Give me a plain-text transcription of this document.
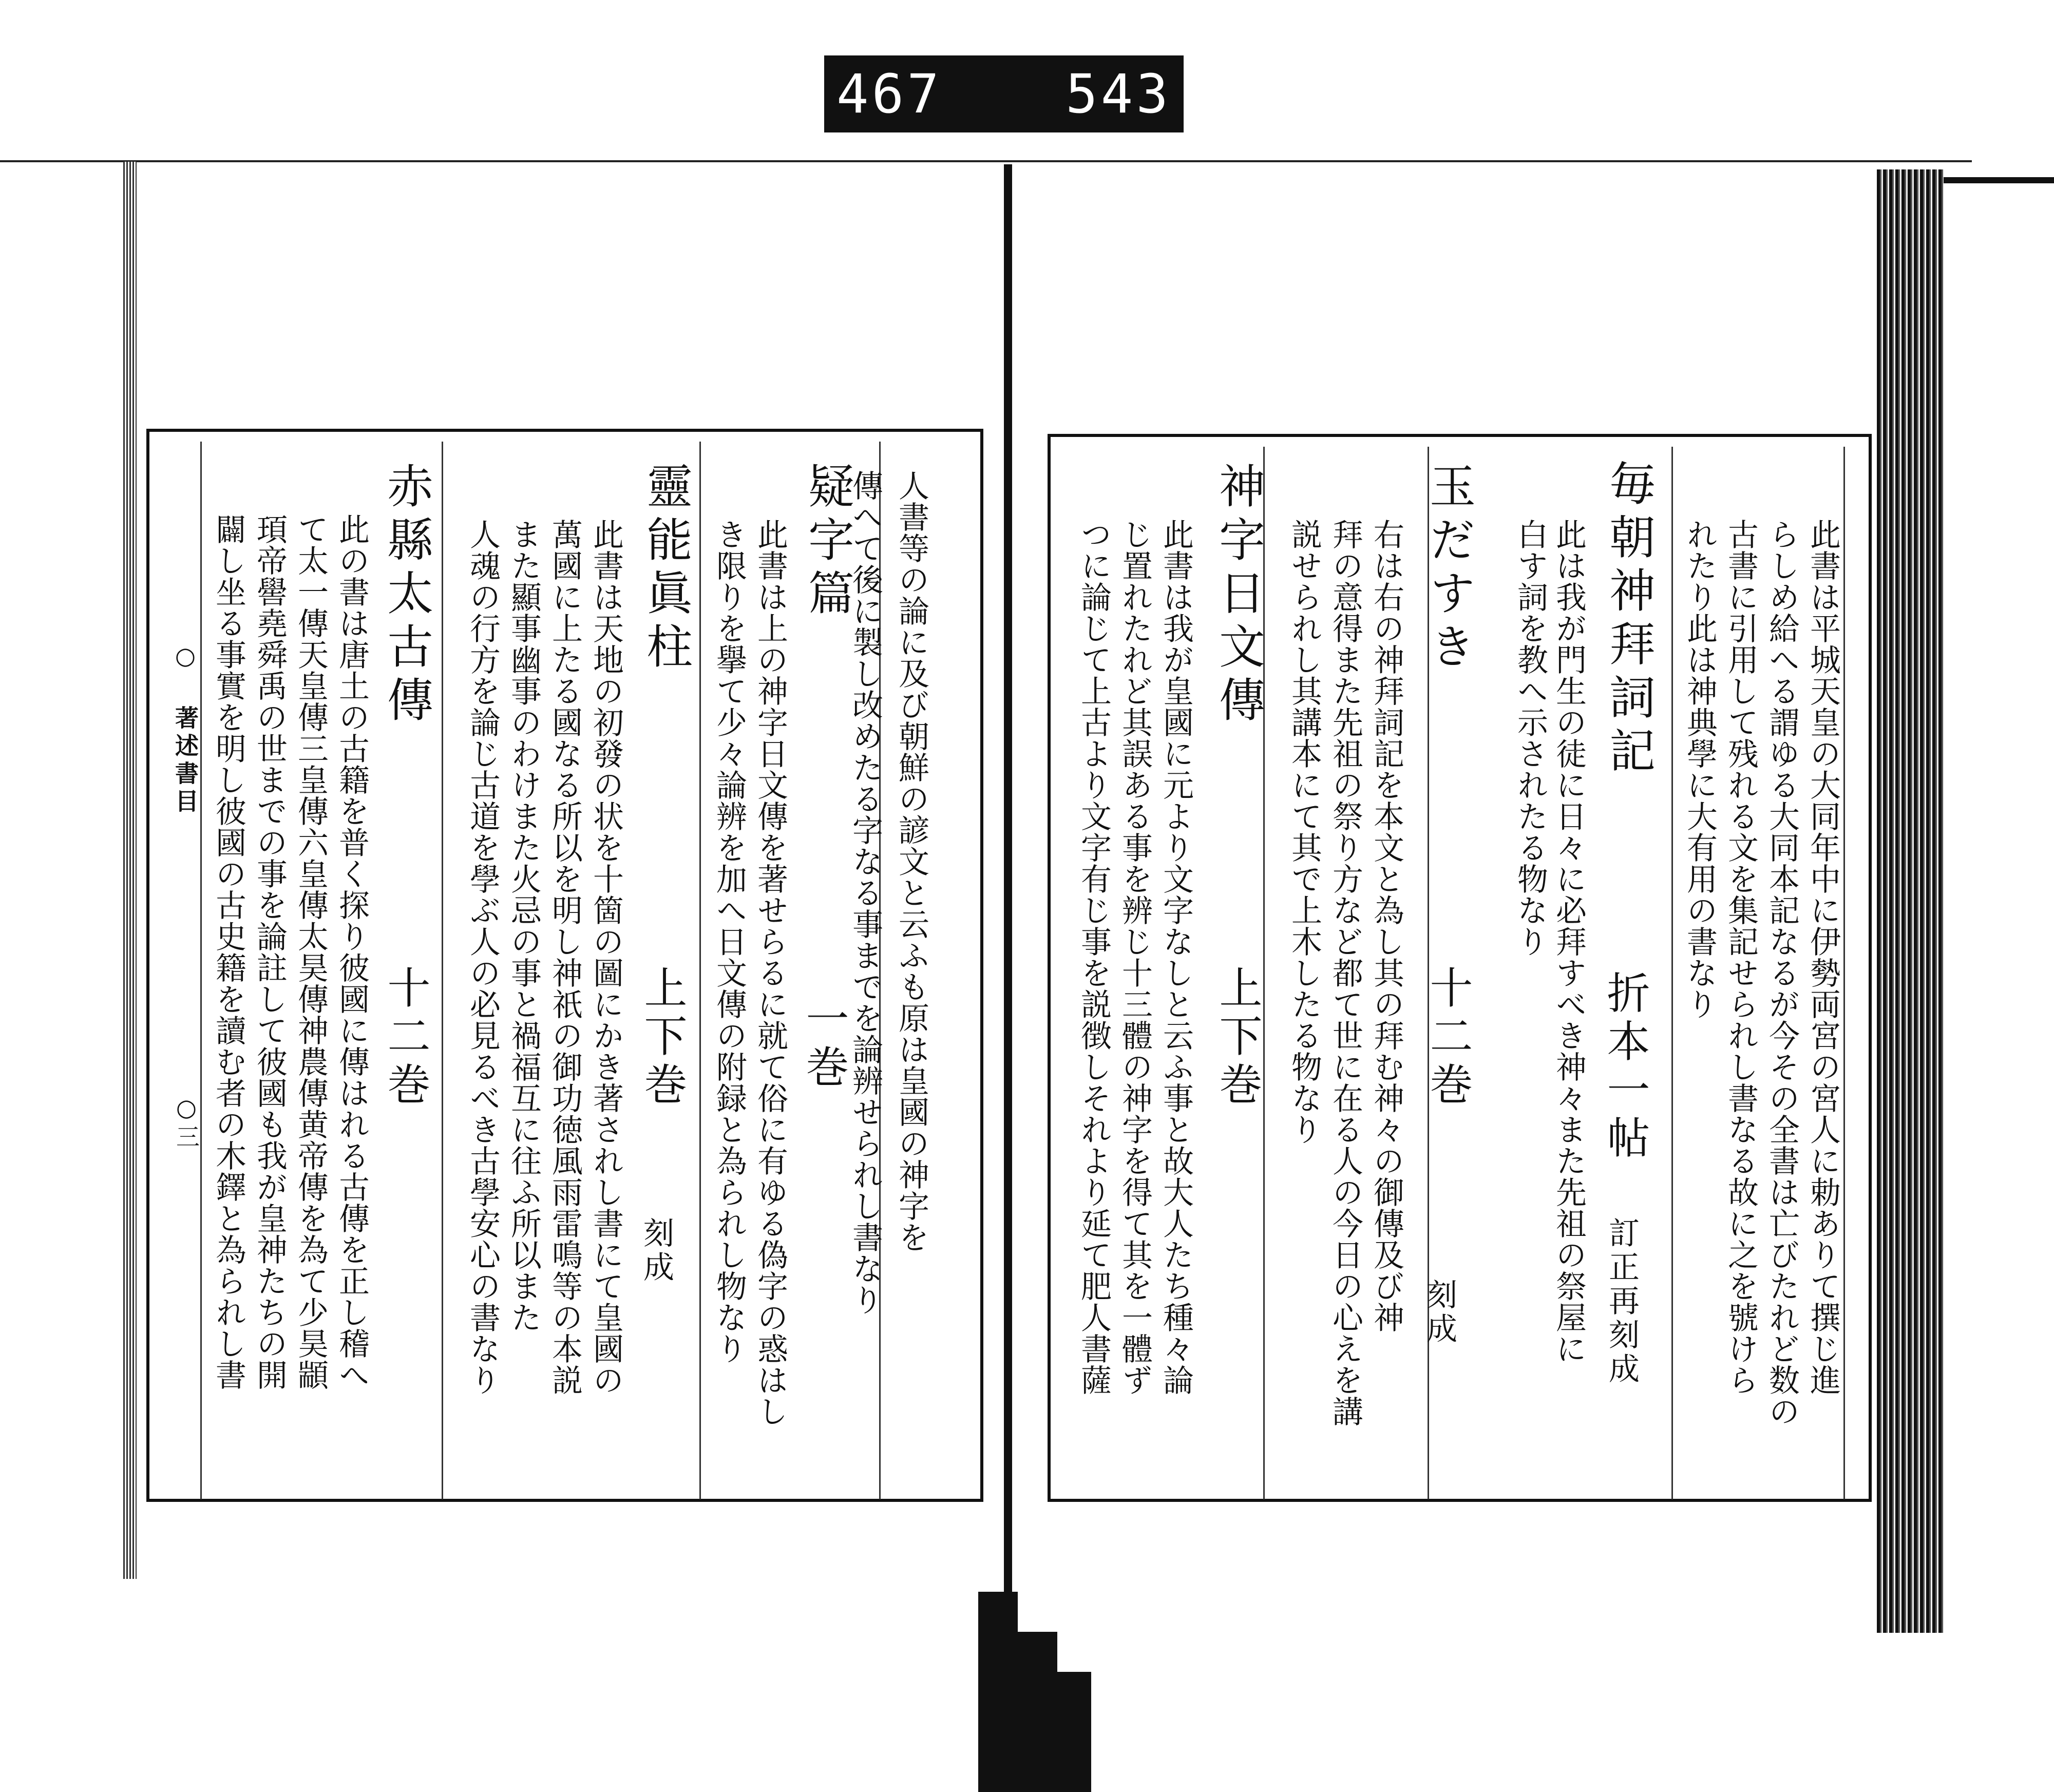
467 543
○ 著述書目
○三	人書等の論に及び朝鮮の諺文と云ふも原は皇國の神字を
傳へて後に製し改めたる字なる事までを論辨せられし書なり
疑字篇
一巻
此書は上の神字日文傳を著せらるに就て俗に有ゆる偽字の惑はし
き限りを擧て少々論辨を加へ日文傳の附録と為られし物なり
靈能眞柱
上下巻
刻成
此書は天地の初發の状を十箇の圖にかき著されし書にて皇國の
萬國に上たる國なる所以を明し神祇の御功徳風雨雷鳴等の本説
また顯事幽事のわけまた火忌の事と禍福互に往ふ所以また
人魂の行方を論じ古道を學ぶ人の必見るべき古學安心の書なり
赤縣太古傳
十二巻
此の書は唐土の古籍を普く探り彼國に傳はれる古傳を正し稽へ
て太一傳天皇傳三皇傳六皇傳太昊傳神農傳黄帝傳を為て少昊顓
頊帝嚳堯舜禹の世までの事を論註して彼國も我が皇神たちの開
闢し坐る事實を明し彼國の古史籍を讀む者の木鐸と為られし書	此書は平城天皇の大同年中に伊勢両宮の宮人に勅ありて撰じ進
らしめ給へる謂ゆる大同本記なるが今その全書は亡びたれど数の
古書に引用して残れる文を集記せられし書なる故に之を號けら
れたり此は神典學に大有用の書なり
毎朝神拜詞記
折本一帖
訂正再刻成
此は我が門生の徒に日々に必拜すべき神々また先祖の祭屋に
白す詞を教へ示されたる物なり
玉だすき
十二巻
刻成
右は右の神拜詞記を本文と為し其の拜む神々の御傳及び神
拜の意得また先祖の祭り方など都て世に在る人の今日の心えを講
説せられし其講本にて其で上木したる物なり
神字日文傳
上下巻
此書は我が皇國に元より文字なしと云ふ事と故大人たち種々論
じ置れたれど其誤ある事を辨じ十三體の神字を得て其を一體ず
つに論じて上古より文字有じ事を説徴しそれより延て肥人書薩
